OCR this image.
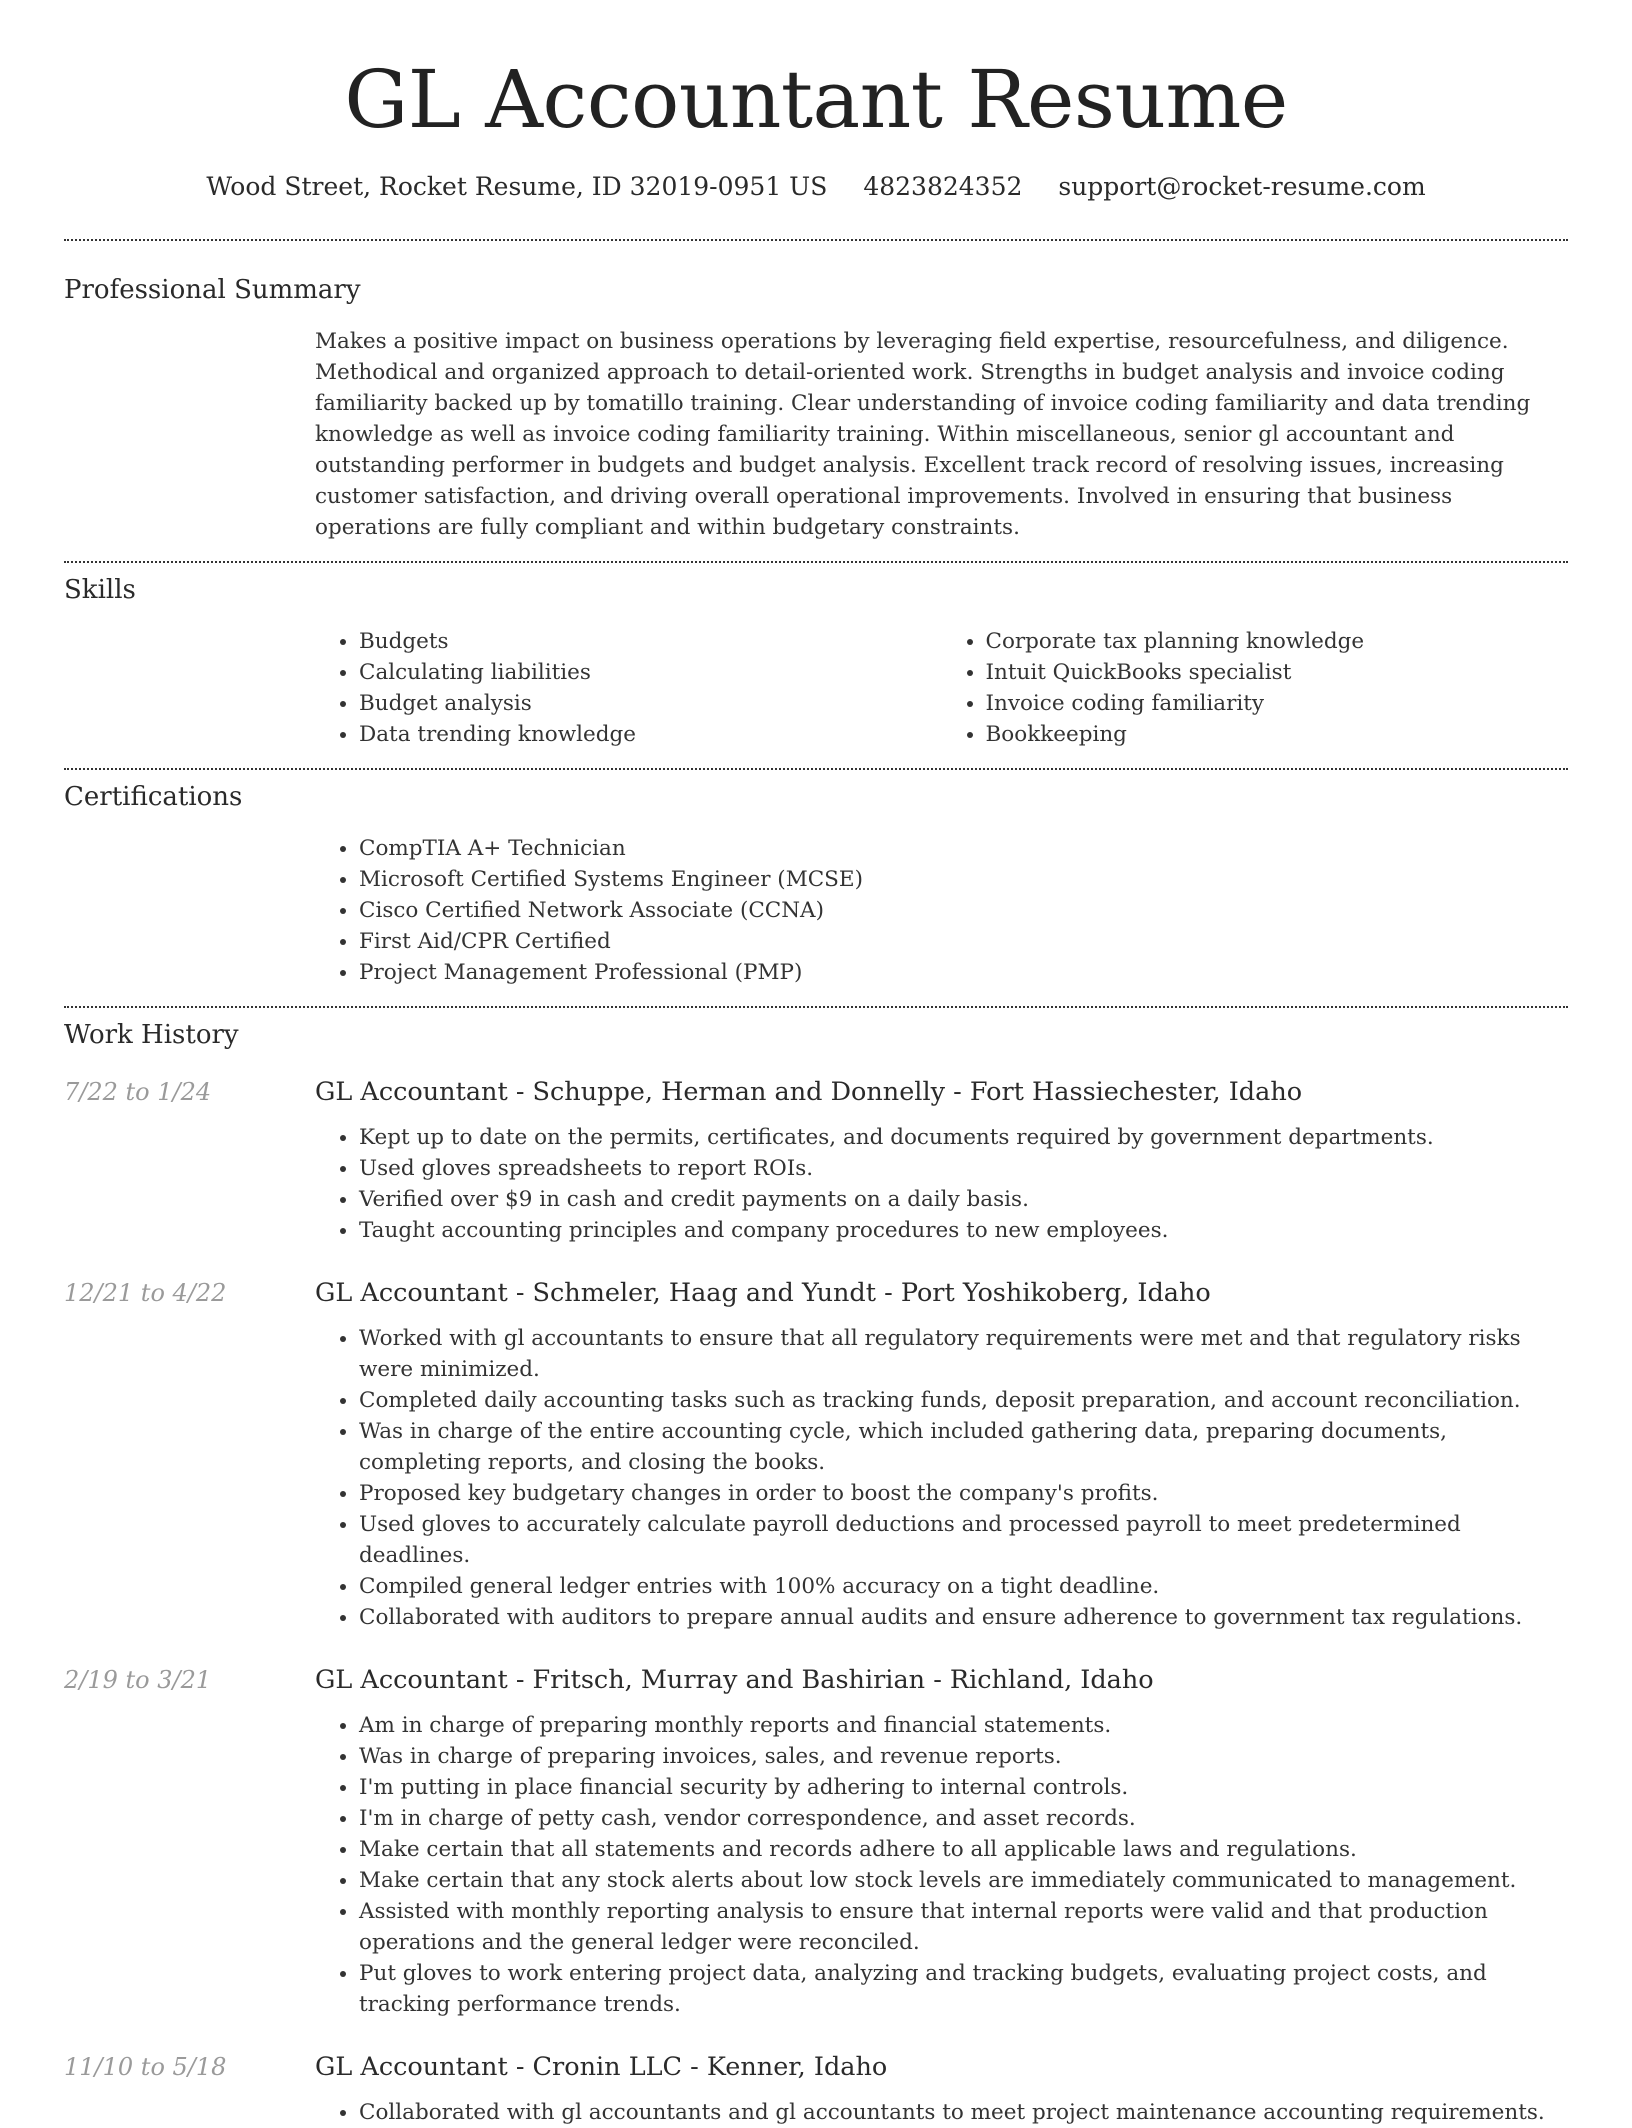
GL Accountant Resume
Wood Street, Rocket Resume, ID 32019-0951 US 4823824352 support@rocket-resume.com
Professional Summary

Makes a positive impact on business operations by leveraging field expertise, resourcefulness, and diligence. Methodical and organized approach to detail-oriented work. Strengths in budget analysis and invoice coding familiarity backed up by tomatillo training. Clear understanding of invoice coding familiarity and data trending knowledge as well as invoice coding familiarity training. Within miscellaneous, senior gl accountant and outstanding performer in budgets and budget analysis. Excellent track record of resolving issues, increasing customer satisfaction, and driving overall operational improvements. Involved in ensuring that business operations are fully compliant and within budgetary constraints.

Skills
• Budgets
• Calculating liabilities
• Budget analysis
• Data trending knowledge
• Corporate tax planning knowledge
• Intuit QuickBooks specialist
• Invoice coding familiarity
• Bookkeeping
Certifications
• CompTIA A+ Technician
• Microsoft Certified Systems Engineer (MCSE)
• Cisco Certified Network Associate (CCNA)
• First Aid/CPR Certified
• Project Management Professional (PMP)
Work History
7/22 to 1/24	GL Accountant - Schuppe, Herman and Donnelly - Fort Hassiechester, Idaho
• Kept up to date on the permits, certificates, and documents required by government departments.
• Used gloves spreadsheets to report ROIs.
• Verified over $9 in cash and credit payments on a daily basis.
• Taught accounting principles and company procedures to new employees.
12/21 to 4/22	GL Accountant - Schmeler, Haag and Yundt - Port Yoshikoberg, Idaho
• Worked with gl accountants to ensure that all regulatory requirements were met and that regulatory risks were minimized.
• Completed daily accounting tasks such as tracking funds, deposit preparation, and account reconciliation.
• Was in charge of the entire accounting cycle, which included gathering data, preparing documents, completing reports, and closing the books.
• Proposed key budgetary changes in order to boost the company's profits.
• Used gloves to accurately calculate payroll deductions and processed payroll to meet predetermined deadlines.
• Compiled general ledger entries with 100% accuracy on a tight deadline.
• Collaborated with auditors to prepare annual audits and ensure adherence to government tax regulations.
2/19 to 3/21	GL Accountant - Fritsch, Murray and Bashirian - Richland, Idaho
• Am in charge of preparing monthly reports and financial statements.
• Was in charge of preparing invoices, sales, and revenue reports.
• I'm putting in place financial security by adhering to internal controls.
• I'm in charge of petty cash, vendor correspondence, and asset records.
• Make certain that all statements and records adhere to all applicable laws and regulations.
• Make certain that any stock alerts about low stock levels are immediately communicated to management.
• Assisted with monthly reporting analysis to ensure that internal reports were valid and that production operations and the general ledger were reconciled.
• Put gloves to work entering project data, analyzing and tracking budgets, evaluating project costs, and tracking performance trends.
11/10 to 5/18	GL Accountant - Cronin LLC - Kenner, Idaho
• Collaborated with gl accountants and gl accountants to meet project maintenance accounting requirements.
